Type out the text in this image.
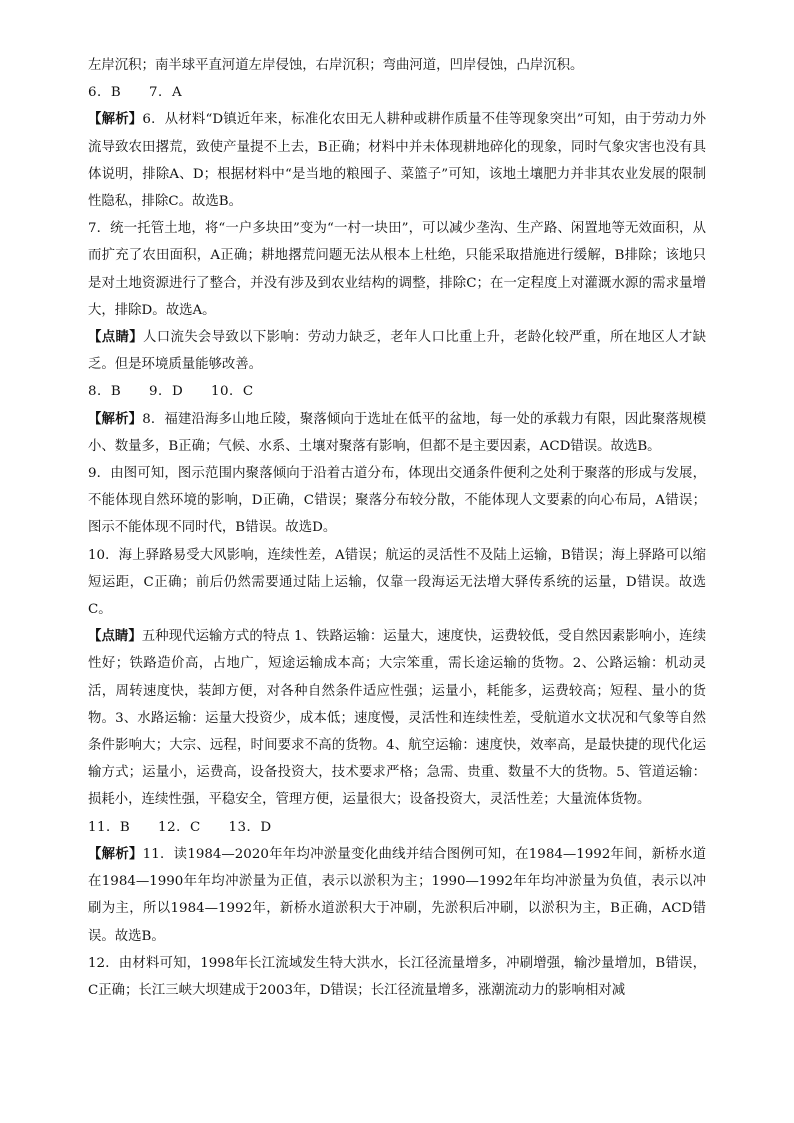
左岸沉积；南半球平直河道左岸侵蚀，右岸沉积；弯曲河道，凹岸侵蚀，凸岸沉积。

6．B　　7．A

【解析】6．从材料“D镇近年来，标准化农田无人耕种或耕作质量不佳等现象突出”可知，由于劳动力外流导致农田撂荒，致使产量提不上去，B正确；材料中并未体现耕地碎化的现象，同时气象灾害也没有具体说明，排除A、D；根据材料中“是当地的粮囤子、菜篮子”可知，该地土壤肥力并非其农业发展的限制性隐私，排除C。故选B。

7．统一托管土地，将“一户多块田”变为“一村一块田”，可以减少垄沟、生产路、闲置地等无效面积，从而扩充了农田面积，A正确；耕地撂荒问题无法从根本上杜绝，只能采取措施进行缓解，B排除；该地只是对土地资源进行了整合，并没有涉及到农业结构的调整，排除C；在一定程度上对灌溉水源的需求量增大，排除D。故选A。

【点睛】人口流失会导致以下影响：劳动力缺乏，老年人口比重上升，老龄化较严重，所在地区人才缺乏。但是环境质量能够改善。

8．B　　9．D　　10．C

【解析】8．福建沿海多山地丘陵，聚落倾向于选址在低平的盆地，每一处的承载力有限，因此聚落规模小、数量多，B正确；气候、水系、土壤对聚落有影响，但都不是主要因素，ACD错误。故选B。

9．由图可知，图示范围内聚落倾向于沿着古道分布，体现出交通条件便利之处利于聚落的形成与发展，不能体现自然环境的影响，D正确，C错误；聚落分布较分散，不能体现人文要素的向心布局，A错误；图示不能体现不同时代，B错误。故选D。

10．海上驿路易受大风影响，连续性差，A错误；航运的灵活性不及陆上运输，B错误；海上驿路可以缩短运距，C正确；前后仍然需要通过陆上运输，仅靠一段海运无法增大驿传系统的运量，D错误。故选C。

【点睛】五种现代运输方式的特点 1、铁路运输：运量大，速度快，运费较低，受自然因素影响小，连续性好；铁路造价高，占地广，短途运输成本高；大宗笨重，需长途运输的货物。2、公路运输：机动灵活，周转速度快，装卸方便，对各种自然条件适应性强；运量小，耗能多，运费较高；短程、量小的货物。3、水路运输：运量大投资少，成本低；速度慢，灵活性和连续性差，受航道水文状况和气象等自然条件影响大；大宗、远程，时间要求不高的货物。4、航空运输：速度快，效率高，是最快捷的现代化运输方式；运量小，运费高，设备投资大，技术要求严格；急需、贵重、数量不大的货物。5、管道运输：损耗小，连续性强，平稳安全，管理方便，运量很大；设备投资大，灵活性差；大量流体货物。

11．B　　12．C　　13．D

【解析】11．读1984—2020年年均冲淤量变化曲线并结合图例可知，在1984—1992年间，新桥水道在1984—1990年年均冲淤量为正值，表示以淤积为主；1990—1992年年均冲淤量为负值，表示以冲刷为主，所以1984—1992年，新桥水道淤积大于冲刷，先淤积后冲刷，以淤积为主，B正确，ACD错误。故选B。

12．由材料可知，1998年长江流域发生特大洪水，长江径流量增多，冲刷增强，输沙量增加，B错误，C正确；长江三峡大坝建成于2003年，D错误；长江径流量增多，涨潮流动力的影响相对减
